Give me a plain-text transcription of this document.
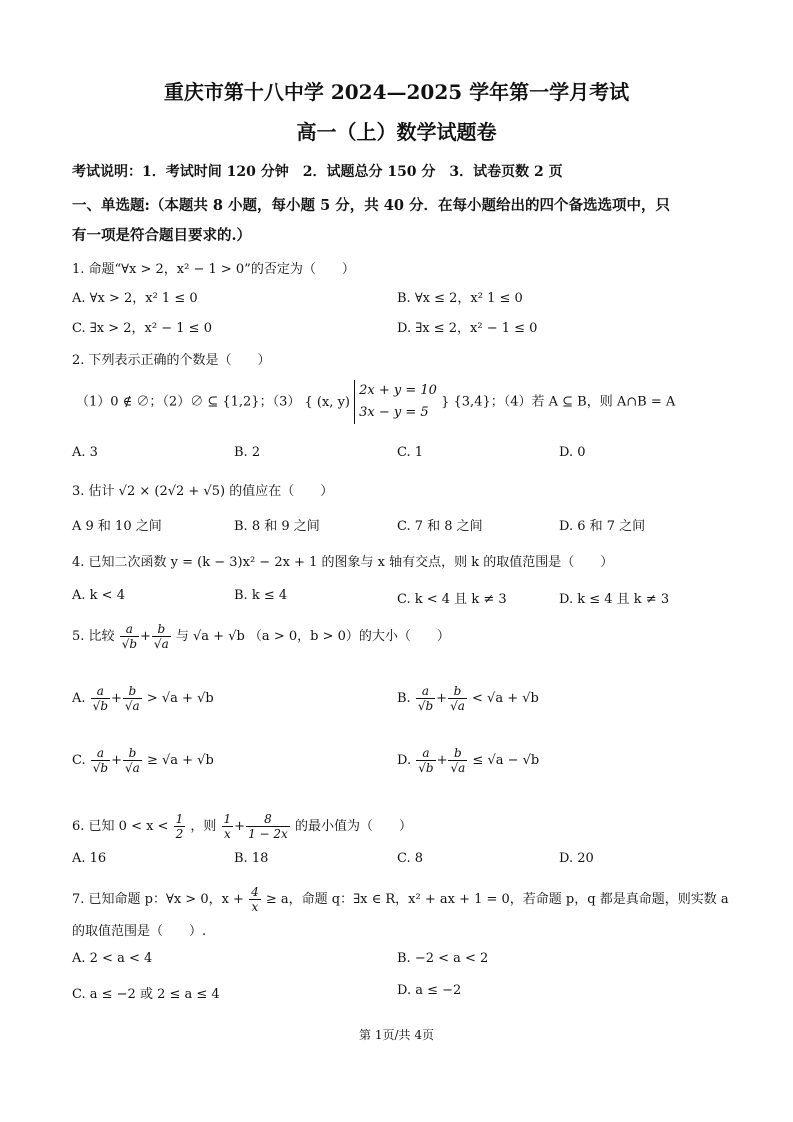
重庆市第十八中学 2024—2025 学年第一学月考试
高一（上）数学试题卷
考试说明：1．考试时间 120 分钟　2．试题总分 150 分　3．试卷页数 2 页
一、单选题:（本题共 8 小题，每小题 5 分，共 40 分．在每小题给出的四个备选选项中，只
有一项是符合题目要求的.）
1. 命题“∀x > 2，x² − 1 > 0”的否定为（　　）
A. ∀x > 2，x² 1 ≤ 0	B. ∀x ≤ 2，x² 1 ≤ 0
C. ∃x > 2，x² − 1 ≤ 0	D. ∃x ≤ 2，x² − 1 ≤ 0
2. 下列表示正确的个数是（　　）
（1）0 ∉ ∅；（2）∅ ⊆ {1,2}；（3） { (x, y)
2x + y = 10
3x − y = 5
} {3,4}；（4）若 A ⊆ B，则 A∩B = A
A. 3	B. 2	C. 1	D. 0
3. 估计 √2 × (2√2 + √5) 的值应在（　　）
A 9 和 10 之间	B. 8 和 9 之间	C. 7 和 8 之间	D. 6 和 7 之间
4. 已知二次函数 y = (k − 3)x² − 2x + 1 的图象与 x 轴有交点，则 k 的取值范围是（　　）
A. k < 4	B. k ≤ 4	C. k < 4 且 k ≠ 3	D. k ≤ 4 且 k ≠ 3
5. 比较 $\frac{a}{√b} + \frac{b}{√a}$ 与 √a + √b （a > 0，b > 0）的大小（　　）
A. $\frac{a}{√b} + \frac{b}{√a} > √a + √b$	B. $\frac{a}{√b} + \frac{b}{√a} < √a + √b$
C. $\frac{a}{√b} + \frac{b}{√a} \ge √a + √b$	D. $\frac{a}{√b} + \frac{b}{√a} \le √a - √b$
6. 已知 $0 < x < \frac{1}{2}$ ，则 $\frac{1}{x} + \frac{8}{1 - 2x}$ 的最小值为（　　）
A. 16	B. 18	C. 8	D. 20
7. 已知命题 p：∀x > 0，$x + \frac{4}{x} \ge a$，命题 q：∃x ∈ R，x² + ax + 1 = 0，若命题 p，q 都是真命题，则实数 a
的取值范围是（　　）.
A. 2 < a < 4	B. −2 < a < 2
C. a ≤ −2 或 2 ≤ a ≤ 4	D. a ≤ −2
第 1页/共 4页
